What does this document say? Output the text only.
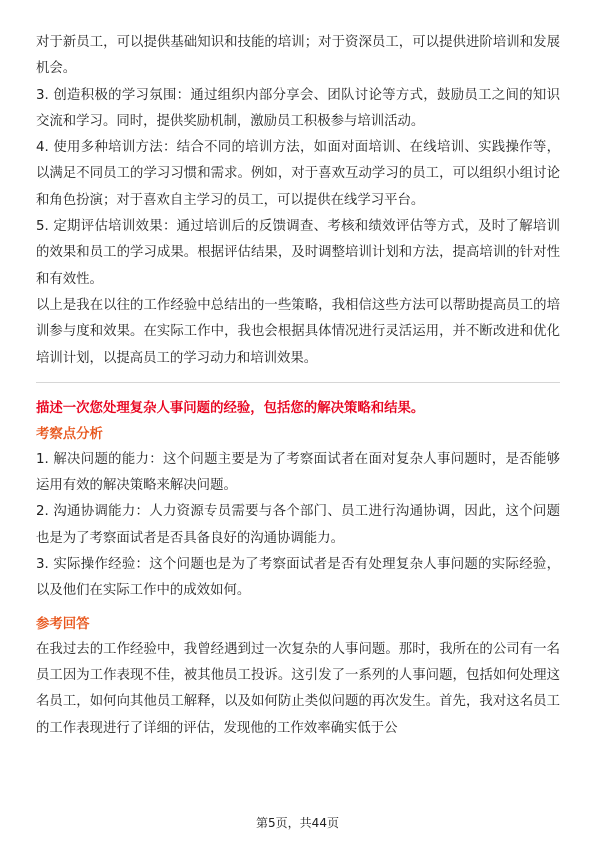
对于新员工，可以提供基础知识和技能的培训；对于资深员工，可以提供进阶培训和发展机会。

3. 创造积极的学习氛围：通过组织内部分享会、团队讨论等方式，鼓励员工之间的知识交流和学习。同时，提供奖励机制，激励员工积极参与培训活动。

4. 使用多种培训方法：结合不同的培训方法，如面对面培训、在线培训、实践操作等，以满足不同员工的学习习惯和需求。例如，对于喜欢互动学习的员工，可以组织小组讨论和角色扮演；对于喜欢自主学习的员工，可以提供在线学习平台。

5. 定期评估培训效果：通过培训后的反馈调查、考核和绩效评估等方式，及时了解培训的效果和员工的学习成果。根据评估结果，及时调整培训计划和方法，提高培训的针对性和有效性。

以上是我在以往的工作经验中总结出的一些策略，我相信这些方法可以帮助提高员工的培训参与度和效果。在实际工作中，我也会根据具体情况进行灵活运用，并不断改进和优化培训计划，以提高员工的学习动力和培训效果。

描述一次您处理复杂人事问题的经验，包括您的解决策略和结果。

考察点分析

1. 解决问题的能力：这个问题主要是为了考察面试者在面对复杂人事问题时，是否能够运用有效的解决策略来解决问题。

2. 沟通协调能力：人力资源专员需要与各个部门、员工进行沟通协调，因此，这个问题也是为了考察面试者是否具备良好的沟通协调能力。

3. 实际操作经验：这个问题也是为了考察面试者是否有处理复杂人事问题的实际经验，以及他们在实际工作中的成效如何。

参考回答

在我过去的工作经验中，我曾经遇到过一次复杂的人事问题。那时，我所在的公司有一名员工因为工作表现不佳，被其他员工投诉。这引发了一系列的人事问题，包括如何处理这名员工，如何向其他员工解释，以及如何防止类似问题的再次发生。首先，我对这名员工的工作表现进行了详细的评估，发现他的工作效率确实低于公

第5页，共44页
